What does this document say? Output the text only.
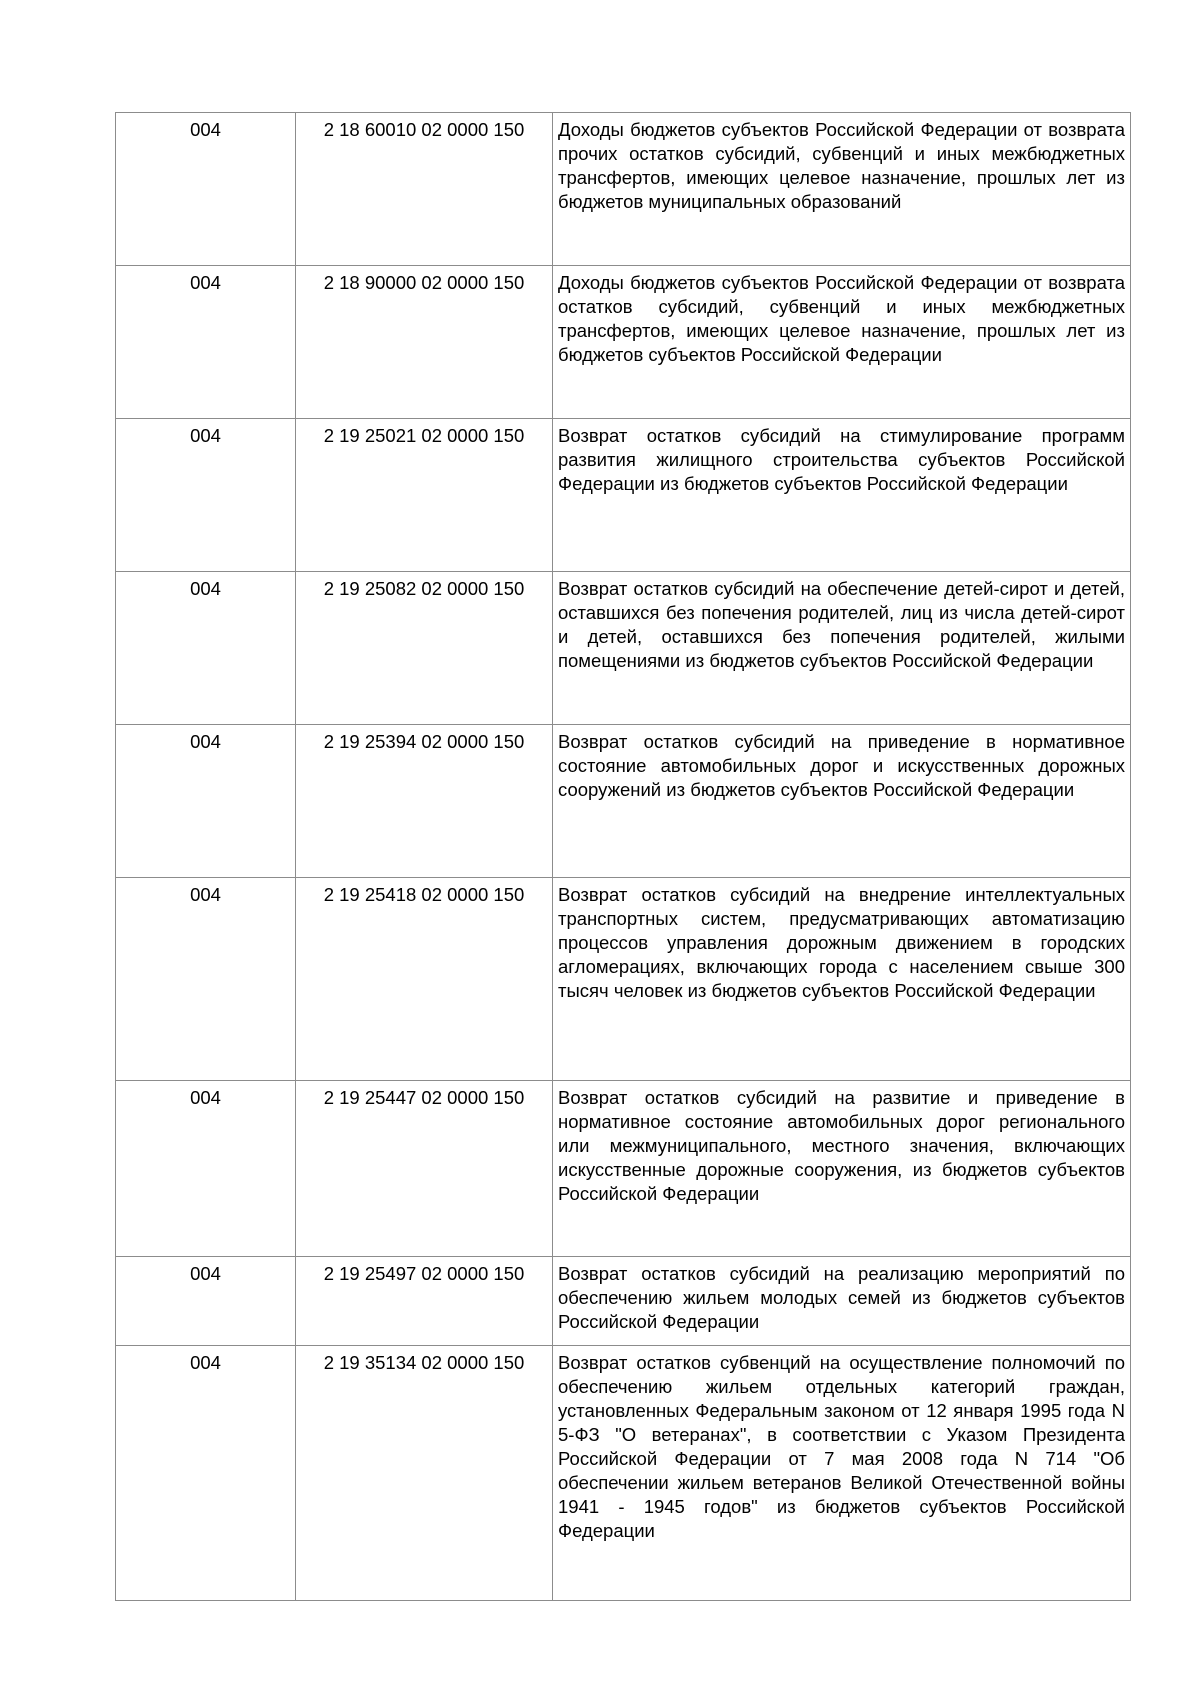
004	2 18 60010 02 0000 150	Доходы бюджетов субъектов Российской Федерации от возврата прочих остатков субсидий, субвенций и иных межбюджетных трансфертов, имеющих целевое назначение, прошлых лет из бюджетов муниципальных образований
004	2 18 90000 02 0000 150	Доходы бюджетов субъектов Российской Федерации от возврата остатков субсидий, субвенций и иных межбюджетных трансфертов, имеющих целевое назначение, прошлых лет из бюджетов субъектов Российской Федерации
004	2 19 25021 02 0000 150	Возврат остатков субсидий на стимулирование программ развития жилищного строительства субъектов Российской Федерации из бюджетов субъектов Российской Федерации
004	2 19 25082 02 0000 150	Возврат остатков субсидий на обеспечение детей-сирот и детей, оставшихся без попечения родителей, лиц из числа детей-сирот и детей, оставшихся без попечения родителей, жилыми помещениями из бюджетов субъектов Российской Федерации
004	2 19 25394 02 0000 150	Возврат остатков субсидий на приведение в нормативное состояние автомобильных дорог и искусственных дорожных сооружений из бюджетов субъектов Российской Федерации
004	2 19 25418 02 0000 150	Возврат остатков субсидий на внедрение интеллектуальных транспортных систем, предусматривающих автоматизацию процессов управления дорожным движением в городских агломерациях, включающих города с населением свыше 300 тысяч человек из бюджетов субъектов Российской Федерации
004	2 19 25447 02 0000 150	Возврат остатков субсидий на развитие и приведение в нормативное состояние автомобильных дорог регионального или межмуниципального, местного значения, включающих искусственные дорожные сооружения, из бюджетов субъектов Российской Федерации
004	2 19 25497 02 0000 150	Возврат остатков субсидий на реализацию мероприятий по обеспечению жильем молодых семей из бюджетов субъектов Российской Федерации
004	2 19 35134 02 0000 150	Возврат остатков субвенций на осуществление полномочий по обеспечению жильем отдельных категорий граждан, установленных Федеральным законом от 12 января 1995 года N 5-ФЗ "О ветеранах", в соответствии с Указом Президента Российской Федерации от 7 мая 2008 года N 714 "Об обеспечении жильем ветеранов Великой Отечественной войны 1941 - 1945 годов" из бюджетов субъектов Российской Федерации
